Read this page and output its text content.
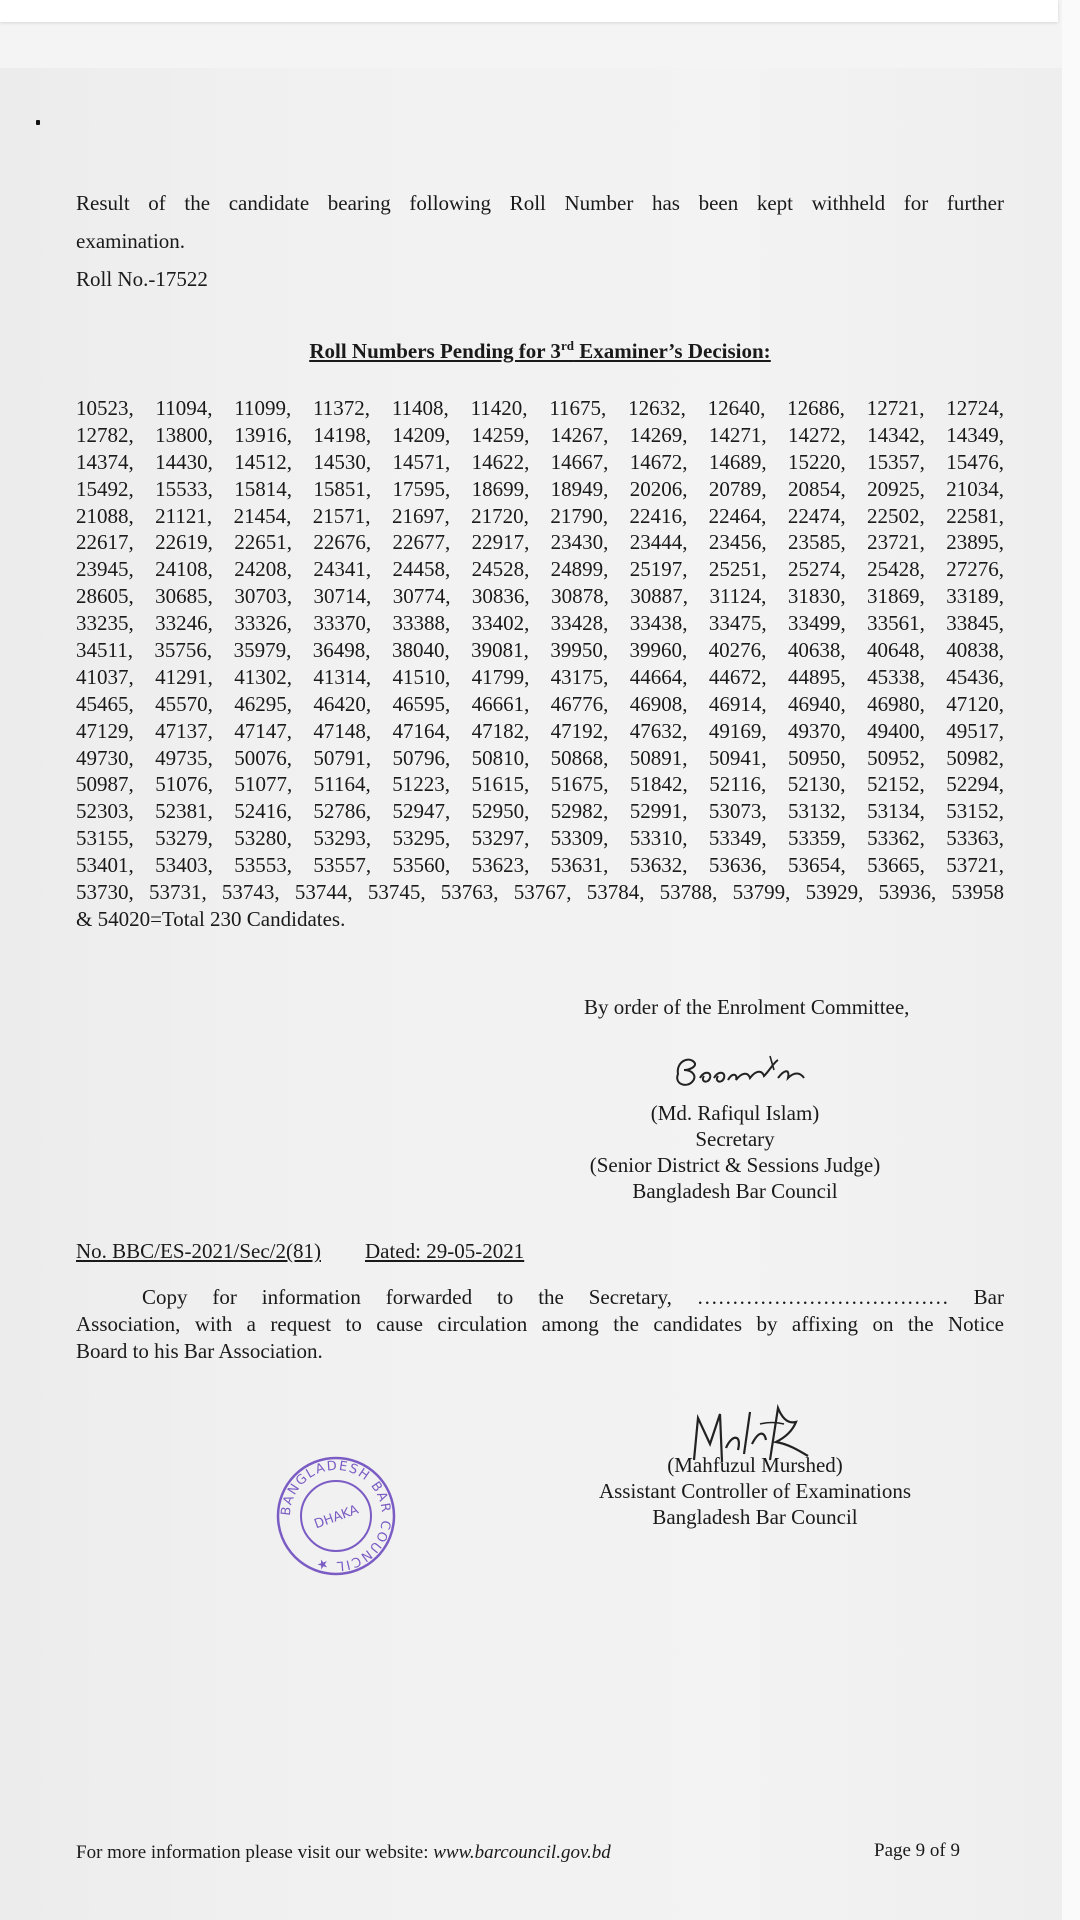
Result of the candidate bearing following Roll Number has been kept withheld for further
examination.
Roll No.-17522
Roll Numbers Pending for 3rd Examiner’s Decision:
10523, 11094, 11099, 11372, 11408, 11420, 11675, 12632, 12640, 12686, 12721, 12724,
12782, 13800, 13916, 14198, 14209, 14259, 14267, 14269, 14271, 14272, 14342, 14349,
14374, 14430, 14512, 14530, 14571, 14622, 14667, 14672, 14689, 15220, 15357, 15476,
15492, 15533, 15814, 15851, 17595, 18699, 18949, 20206, 20789, 20854, 20925, 21034,
21088, 21121, 21454, 21571, 21697, 21720, 21790, 22416, 22464, 22474, 22502, 22581,
22617, 22619, 22651, 22676, 22677, 22917, 23430, 23444, 23456, 23585, 23721, 23895,
23945, 24108, 24208, 24341, 24458, 24528, 24899, 25197, 25251, 25274, 25428, 27276,
28605, 30685, 30703, 30714, 30774, 30836, 30878, 30887, 31124, 31830, 31869, 33189,
33235, 33246, 33326, 33370, 33388, 33402, 33428, 33438, 33475, 33499, 33561, 33845,
34511, 35756, 35979, 36498, 38040, 39081, 39950, 39960, 40276, 40638, 40648, 40838,
41037, 41291, 41302, 41314, 41510, 41799, 43175, 44664, 44672, 44895, 45338, 45436,
45465, 45570, 46295, 46420, 46595, 46661, 46776, 46908, 46914, 46940, 46980, 47120,
47129, 47137, 47147, 47148, 47164, 47182, 47192, 47632, 49169, 49370, 49400, 49517,
49730, 49735, 50076, 50791, 50796, 50810, 50868, 50891, 50941, 50950, 50952, 50982,
50987, 51076, 51077, 51164, 51223, 51615, 51675, 51842, 52116, 52130, 52152, 52294,
52303, 52381, 52416, 52786, 52947, 52950, 52982, 52991, 53073, 53132, 53134, 53152,
53155, 53279, 53280, 53293, 53295, 53297, 53309, 53310, 53349, 53359, 53362, 53363,
53401, 53403, 53553, 53557, 53560, 53623, 53631, 53632, 53636, 53654, 53665, 53721,
53730, 53731, 53743, 53744, 53745, 53763, 53767, 53784, 53788, 53799, 53929, 53936, 53958
& 54020=Total 230 Candidates.
By order of the Enrolment Committee,
(Md. Rafiqul Islam)
Secretary
(Senior District & Sessions Judge)
Bangladesh Bar Council
No. BBC/ES-2021/Sec/2(81) Dated: 29-05-2021
Copy for information forwarded to the Secretary, ……………………………… Bar
Association, with a request to cause circulation among the candidates by affixing on the Notice
Board to his Bar Association.
(Mahfuzul Murshed)
Assistant Controller of Examinations
Bangladesh Bar Council
BANGLADESH BAR COUNCIL ★
DHAKA
For more information please visit our website: www.barcouncil.gov.bd	Page 9 of 9
